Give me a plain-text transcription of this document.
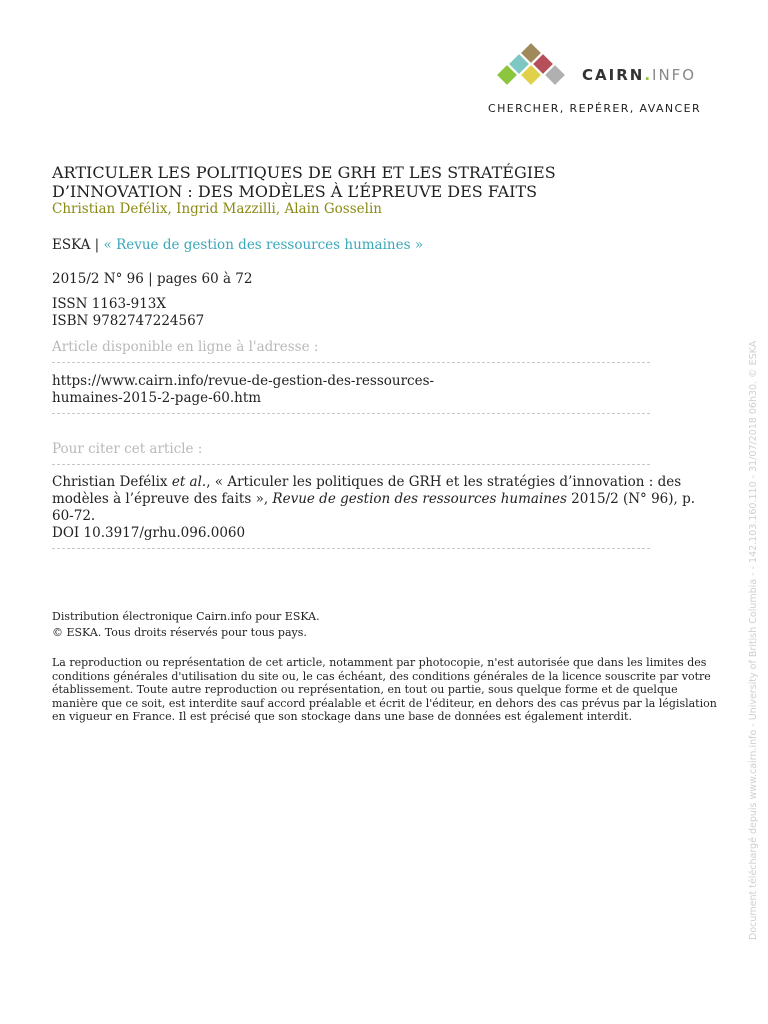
CAIRN.INFO
CHERCHER, REPÉRER, AVANCER
ARTICULER LES POLITIQUES DE GRH ET LES STRATÉGIES
D’INNOVATION : DES MODÈLES À L’ÉPREUVE DES FAITS
Christian Defélix, Ingrid Mazzilli, Alain Gosselin
ESKA | « Revue de gestion des ressources humaines »
2015/2 N° 96 | pages 60 à 72
ISSN 1163-913X
ISBN 9782747224567
Article disponible en ligne à l'adresse :
https://www.cairn.info/revue-de-gestion-des-ressources-
humaines-2015-2-page-60.htm
Pour citer cet article :
Christian Defélix et al., « Articuler les politiques de GRH et les stratégies d’innovation : des modèles à l’épreuve des faits », Revue de gestion des ressources humaines 2015/2 (N° 96), p. 60-72.
DOI 10.3917/grhu.096.0060
Distribution électronique Cairn.info pour ESKA.
© ESKA. Tous droits réservés pour tous pays.
La reproduction ou représentation de cet article, notamment par photocopie, n'est autorisée que dans les limites des conditions générales d'utilisation du site ou, le cas échéant, des conditions générales de la licence souscrite par votre établissement. Toute autre reproduction ou représentation, en tout ou partie, sous quelque forme et de quelque manière que ce soit, est interdite sauf accord préalable et écrit de l'éditeur, en dehors des cas prévus par la législation en vigueur en France. Il est précisé que son stockage dans une base de données est également interdit.	Document téléchargé depuis www.cairn.info - University of British Columbia - - 142.103.160.110 - 31/07/2018 06h30. © ESKA
